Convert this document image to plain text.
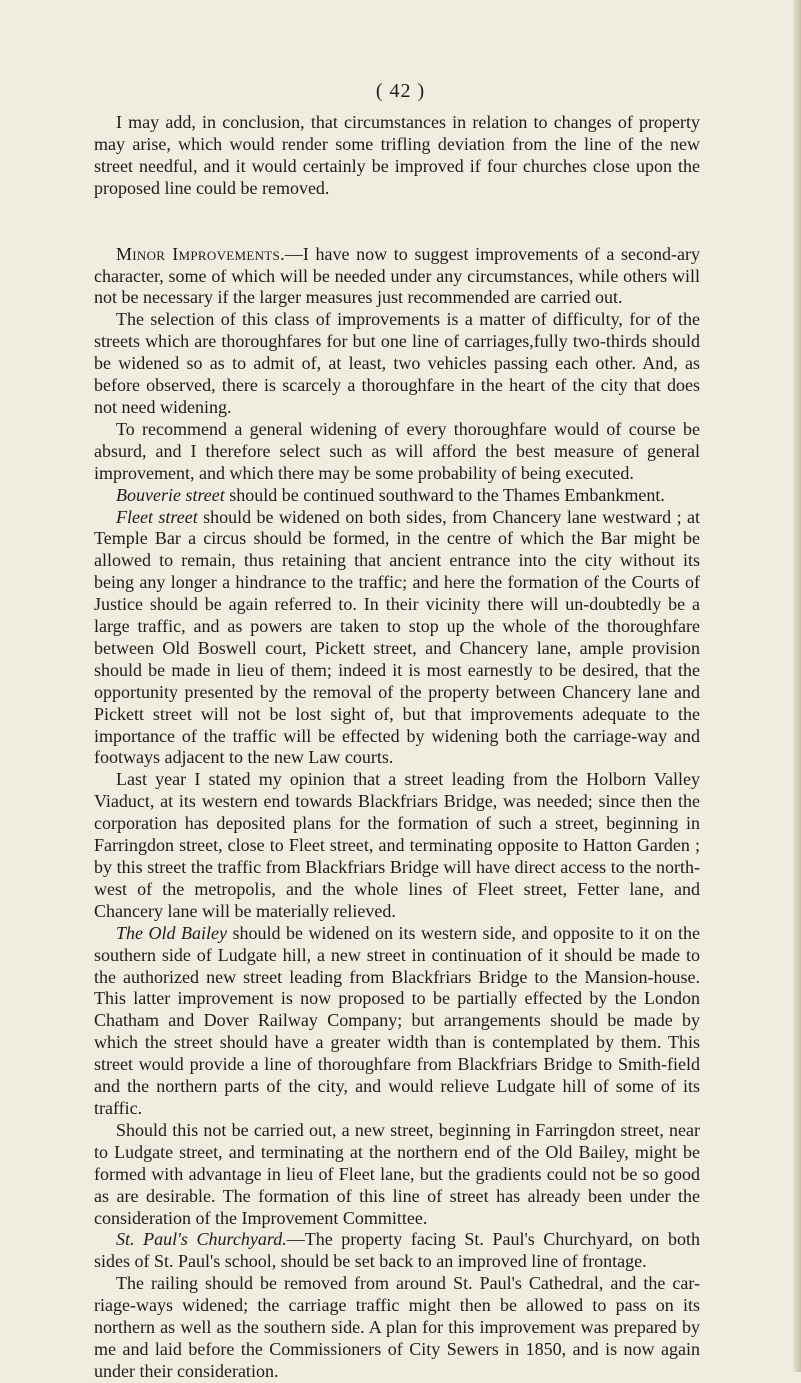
( 42 )

I may add, in conclusion, that circumstances in relation to changes of property may arise, which would render some trifling deviation from the line of the new street needful, and it would certainly be improved if four churches close upon the proposed line could be removed.

Minor Improvements.—I have now to suggest improvements of a second-ary character, some of which will be needed under any circumstances, while others will not be necessary if the larger measures just recommended are carried out.

The selection of this class of improvements is a matter of difficulty, for of the streets which are thoroughfares for but one line of carriages,fully two-thirds should be widened so as to admit of, at least, two vehicles passing each other. And, as before observed, there is scarcely a thoroughfare in the heart of the city that does not need widening.

To recommend a general widening of every thoroughfare would of course be absurd, and I therefore select such as will afford the best measure of general improvement, and which there may be some probability of being executed.

Bouverie street should be continued southward to the Thames Embankment.

Fleet street should be widened on both sides, from Chancery lane westward ; at Temple Bar a circus should be formed, in the centre of which the Bar might be allowed to remain, thus retaining that ancient entrance into the city without its being any longer a hindrance to the traffic; and here the formation of the Courts of Justice should be again referred to. In their vicinity there will un-doubtedly be a large traffic, and as powers are taken to stop up the whole of the thoroughfare between Old Boswell court, Pickett street, and Chancery lane, ample provision should be made in lieu of them; indeed it is most earnestly to be desired, that the opportunity presented by the removal of the property between Chancery lane and Pickett street will not be lost sight of, but that improvements adequate to the importance of the traffic will be effected by widening both the carriage-way and footways adjacent to the new Law courts.

Last year I stated my opinion that a street leading from the Holborn Valley Viaduct, at its western end towards Blackfriars Bridge, was needed; since then the corporation has deposited plans for the formation of such a street, beginning in Farringdon street, close to Fleet street, and terminating opposite to Hatton Garden ; by this street the traffic from Blackfriars Bridge will have direct access to the north-west of the metropolis, and the whole lines of Fleet street, Fetter lane, and Chancery lane will be materially relieved.

The Old Bailey should be widened on its western side, and opposite to it on the southern side of Ludgate hill, a new street in continuation of it should be made to the authorized new street leading from Blackfriars Bridge to the Mansion-house. This latter improvement is now proposed to be partially effected by the London Chatham and Dover Railway Company; but arrangements should be made by which the street should have a greater width than is contemplated by them. This street would provide a line of thoroughfare from Blackfriars Bridge to Smith-field and the northern parts of the city, and would relieve Ludgate hill of some of its traffic.

Should this not be carried out, a new street, beginning in Farringdon street, near to Ludgate street, and terminating at the northern end of the Old Bailey, might be formed with advantage in lieu of Fleet lane, but the gradients could not be so good as are desirable. The formation of this line of street has already been under the consideration of the Improvement Committee.

St. Paul's Churchyard.—The property facing St. Paul's Churchyard, on both sides of St. Paul's school, should be set back to an improved line of frontage.

The railing should be removed from around St. Paul's Cathedral, and the car-riage-ways widened; the carriage traffic might then be allowed to pass on its northern as well as the southern side. A plan for this improvement was prepared by me and laid before the Commissioners of City Sewers in 1850, and is now again under their consideration.
